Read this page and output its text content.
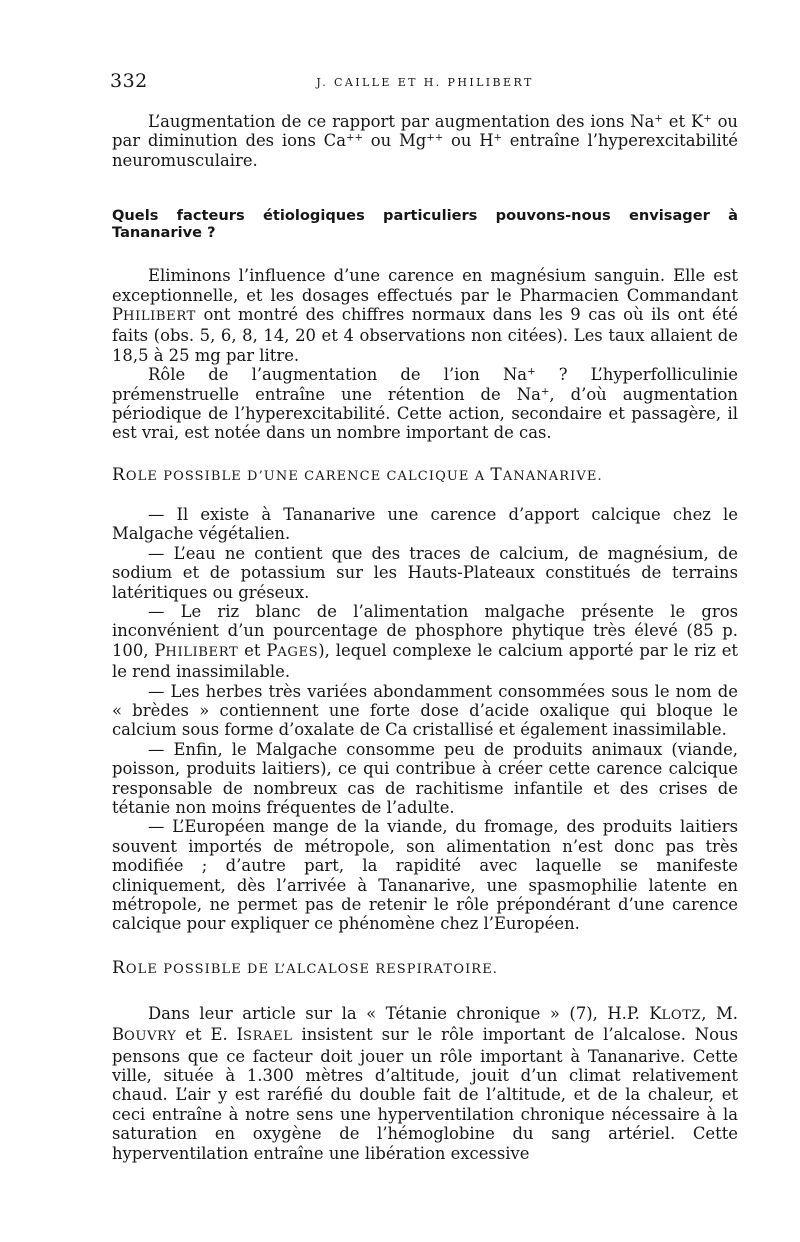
332	J. CAILLE ET H. PHILIBERT

L’augmentation de ce rapport par augmentation des ions Na+ et K+ ou par diminution des ions Ca++ ou Mg++ ou H+ entraîne l’hyperexcitabilité neuromusculaire.

Quels facteurs étiologiques particuliers pouvons-nous envisager à Tananarive ?

Eliminons l’influence d’une carence en magnésium sanguin. Elle est exceptionnelle, et les dosages effectués par le Pharmacien Commandant PHILIBERT ont montré des chiffres normaux dans les 9 cas où ils ont été faits (obs. 5, 6, 8, 14, 20 et 4 observations non citées). Les taux allaient de 18,5 à 25 mg par litre.

Rôle de l’augmentation de l’ion Na+ ? L’hyperfolliculinie prémenstruelle entraîne une rétention de Na+, d’où augmentation périodique de l’hyperexcitabilité. Cette action, secondaire et passagère, il est vrai, est notée dans un nombre important de cas.

ROLE POSSIBLE D’UNE CARENCE CALCIQUE A TANANARIVE.

— Il existe à Tananarive une carence d’apport calcique chez le Malgache végétalien.

— L’eau ne contient que des traces de calcium, de magnésium, de sodium et de potassium sur les Hauts-Plateaux constitués de terrains latéritiques ou gréseux.

— Le riz blanc de l’alimentation malgache présente le gros inconvénient d’un pourcentage de phosphore phytique très élevé (85 p. 100, PHILIBERT et PAGES), lequel complexe le calcium apporté par le riz et le rend inassimilable.

— Les herbes très variées abondamment consommées sous le nom de « brèdes » contiennent une forte dose d’acide oxalique qui bloque le calcium sous forme d’oxalate de Ca cristallisé et également inassimilable.

— Enfin, le Malgache consomme peu de produits animaux (viande, poisson, produits laitiers), ce qui contribue à créer cette carence calcique responsable de nombreux cas de rachitisme infantile et des crises de tétanie non moins fréquentes de l’adulte.

— L’Européen mange de la viande, du fromage, des produits laitiers souvent importés de métropole, son alimentation n’est donc pas très modifiée ; d’autre part, la rapidité avec laquelle se manifeste cliniquement, dès l’arrivée à Tananarive, une spasmophilie latente en métropole, ne permet pas de retenir le rôle prépondérant d’une carence calcique pour expliquer ce phénomène chez l’Européen.

ROLE POSSIBLE DE L’ALCALOSE RESPIRATOIRE.

Dans leur article sur la « Tétanie chronique » (7), H.P. KLOTZ, M. BOUVRY et E. ISRAEL insistent sur le rôle important de l’alcalose. Nous pensons que ce facteur doit jouer un rôle important à Tananarive. Cette ville, située à 1.300 mètres d’altitude, jouit d’un climat relativement chaud. L’air y est raréfié du double fait de l’altitude, et de la chaleur, et ceci entraîne à notre sens une hyperventilation chronique nécessaire à la saturation en oxygène de l’hémoglobine du sang artériel. Cette hyperventilation entraîne une libération excessive
